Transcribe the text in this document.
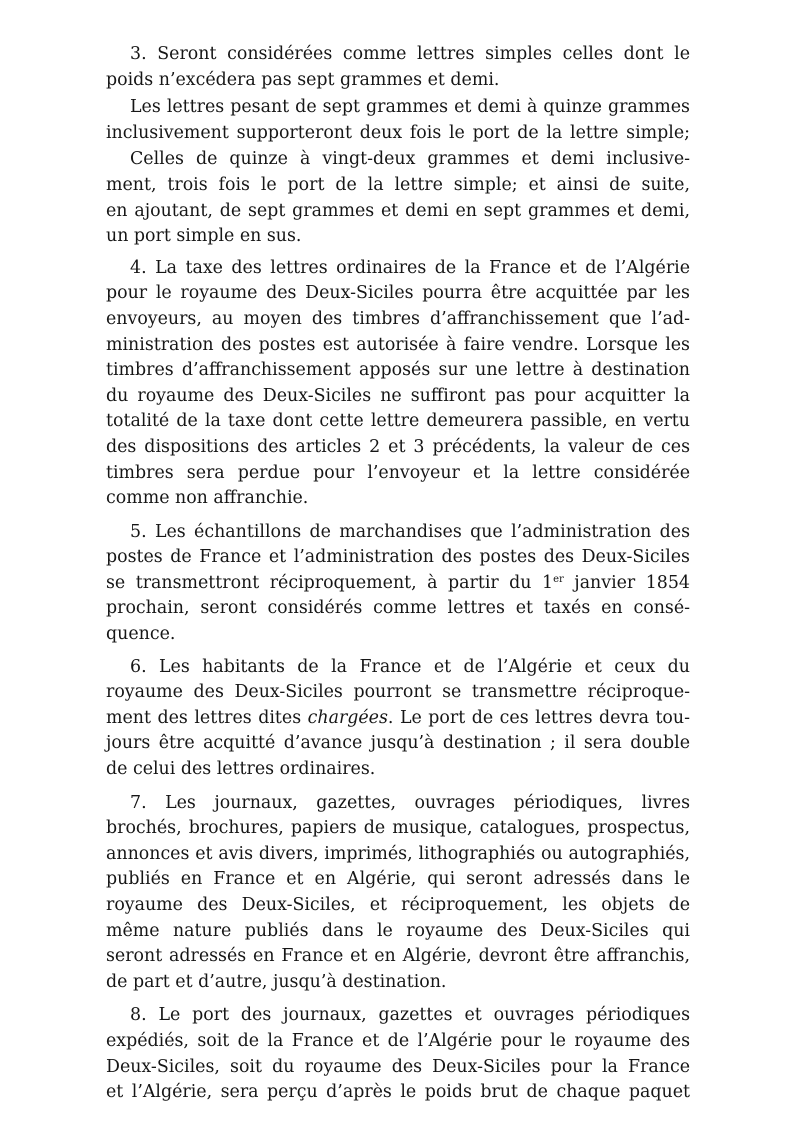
3. Seront considérées comme lettres simples celles dont le
poids n’excédera pas sept grammes et demi.
Les lettres pesant de sept grammes et demi à quinze grammes
inclusivement supporteront deux fois le port de la lettre simple;
Celles de quinze à vingt-deux grammes et demi inclusive-
ment, trois fois le port de la lettre simple; et ainsi de suite,
en ajoutant, de sept grammes et demi en sept grammes et demi,
un port simple en sus.
4. La taxe des lettres ordinaires de la France et de l’Algérie
pour le royaume des Deux-Siciles pourra être acquittée par les
envoyeurs, au moyen des timbres d’affranchissement que l’ad-
ministration des postes est autorisée à faire vendre. Lorsque les
timbres d’affranchissement apposés sur une lettre à destination
du royaume des Deux-Siciles ne suffiront pas pour acquitter la
totalité de la taxe dont cette lettre demeurera passible, en vertu
des dispositions des articles 2 et 3 précédents, la valeur de ces
timbres sera perdue pour l’envoyeur et la lettre considérée
comme non affranchie.
5. Les échantillons de marchandises que l’administration des
postes de France et l’administration des postes des Deux-Siciles
se transmettront réciproquement, à partir du 1er janvier 1854
prochain, seront considérés comme lettres et taxés en consé-
quence.
6. Les habitants de la France et de l’Algérie et ceux du
royaume des Deux-Siciles pourront se transmettre réciproque-
ment des lettres dites chargées. Le port de ces lettres devra tou-
jours être acquitté d’avance jusqu’à destination ; il sera double
de celui des lettres ordinaires.
7. Les journaux, gazettes, ouvrages périodiques, livres
brochés, brochures, papiers de musique, catalogues, prospectus,
annonces et avis divers, imprimés, lithographiés ou autographiés,
publiés en France et en Algérie, qui seront adressés dans le
royaume des Deux-Siciles, et réciproquement, les objets de
même nature publiés dans le royaume des Deux-Siciles qui
seront adressés en France et en Algérie, devront être affranchis,
de part et d’autre, jusqu’à destination.
8. Le port des journaux, gazettes et ouvrages périodiques
expédiés, soit de la France et de l’Algérie pour le royaume des
Deux-Siciles, soit du royaume des Deux-Siciles pour la France
et l’Algérie, sera perçu d’après le poids brut de chaque paquet
